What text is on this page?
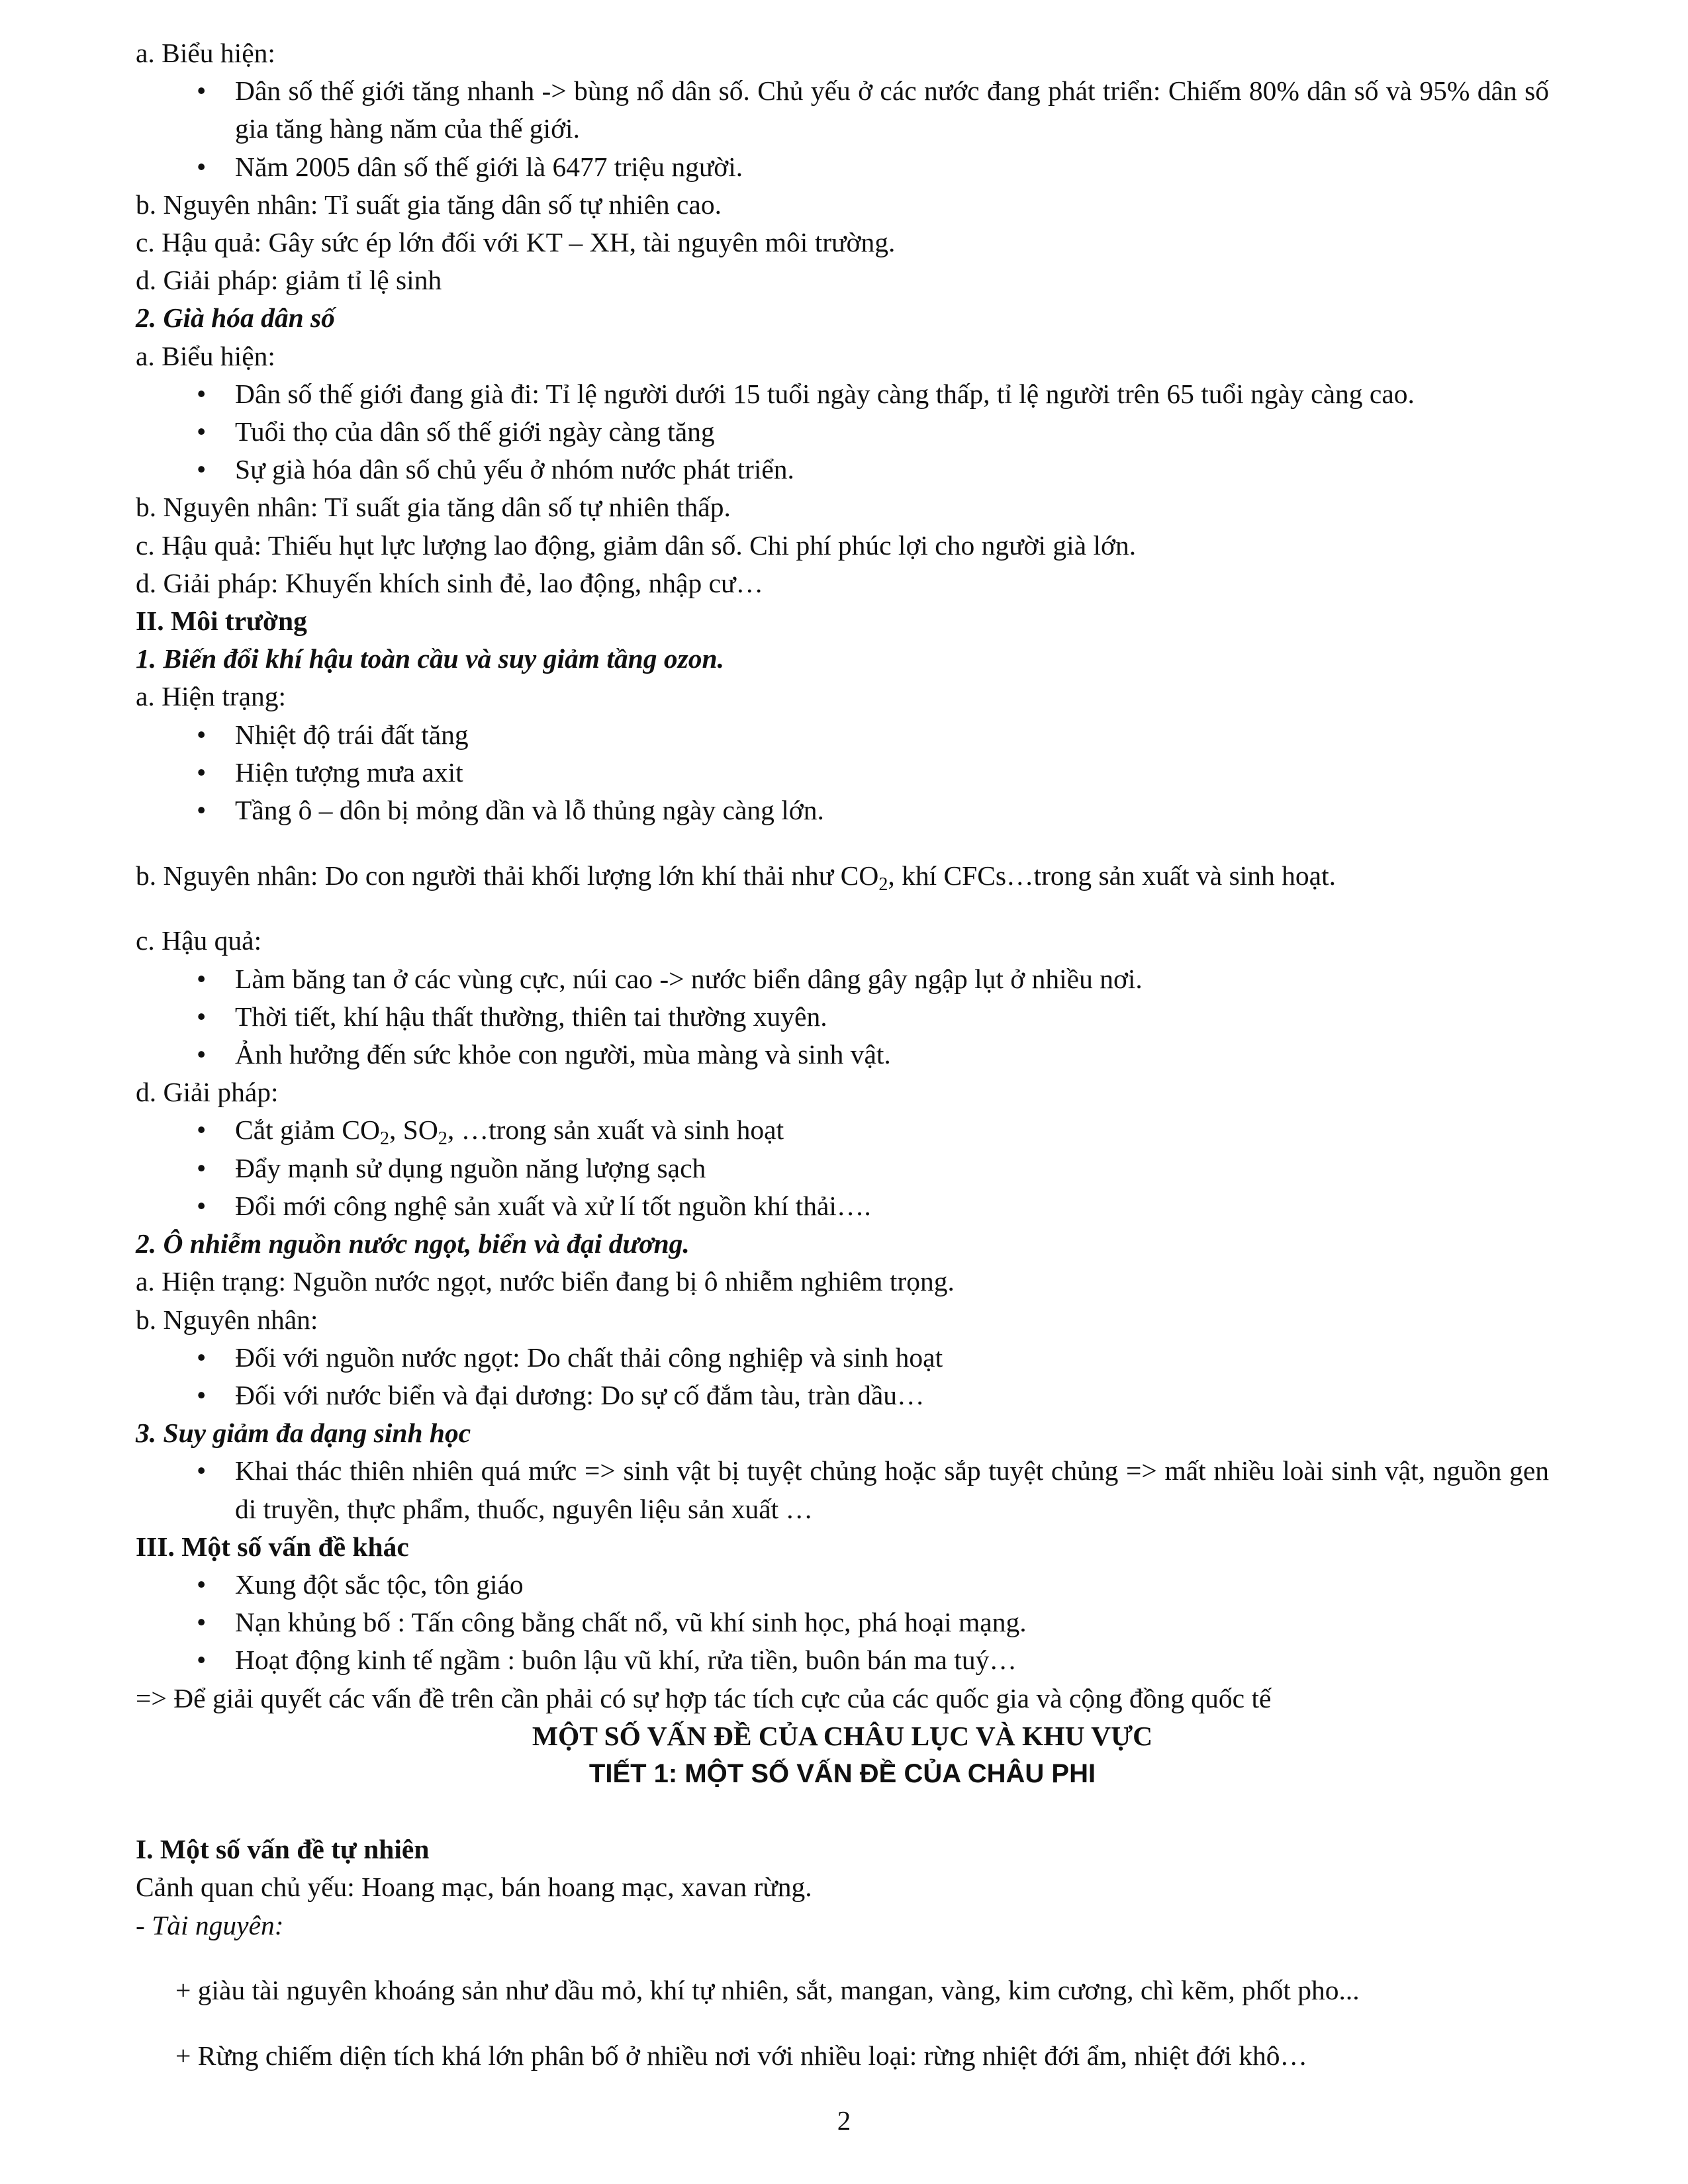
a. Biểu hiện:

• Dân số thế giới tăng nhanh -> bùng nổ dân số. Chủ yếu ở các nước đang phát triển: Chiếm 80% dân số và 95% dân số gia tăng hàng năm của thế giới.
• Năm 2005 dân số thế giới là 6477 triệu người.

b. Nguyên nhân: Tỉ suất gia tăng dân số tự nhiên cao.

c. Hậu quả: Gây sức ép lớn đối với KT – XH, tài nguyên môi trường.

d. Giải pháp: giảm tỉ lệ sinh

2. Già hóa dân số

a. Biểu hiện:

• Dân số thế giới đang già đi: Tỉ lệ người dưới 15 tuổi ngày càng thấp, tỉ lệ người trên 65 tuổi ngày càng cao.
• Tuổi thọ của dân số thế giới ngày càng tăng
• Sự già hóa dân số chủ yếu ở nhóm nước phát triển.

b. Nguyên nhân: Tỉ suất gia tăng dân số tự nhiên thấp.

c. Hậu quả: Thiếu hụt lực lượng lao động, giảm dân số. Chi phí phúc lợi cho người già lớn.

d. Giải pháp: Khuyến khích sinh đẻ, lao động, nhập cư…

II. Môi trường

1. Biến đổi khí hậu toàn cầu và suy giảm tầng ozon.

a. Hiện trạng:

• Nhiệt độ trái đất tăng
• Hiện tượng mưa axit
• Tầng ô – dôn bị mỏng dần và lỗ thủng ngày càng lớn.

b. Nguyên nhân: Do con người thải khối lượng lớn khí thải như $CO_2$, khí CFCs…trong sản xuất và sinh hoạt.

c. Hậu quả:

• Làm băng tan ở các vùng cực, núi cao -> nước biển dâng gây ngập lụt ở nhiều nơi.
• Thời tiết, khí hậu thất thường, thiên tai thường xuyên.
• Ảnh hưởng đến sức khỏe con người, mùa màng và sinh vật.

d. Giải pháp:

• Cắt giảm $CO_2$, $SO_2$, …trong sản xuất và sinh hoạt
• Đẩy mạnh sử dụng nguồn năng lượng sạch
• Đổi mới công nghệ sản xuất và xử lí tốt nguồn khí thải….

2. Ô nhiễm nguồn nước ngọt, biển và đại dương.

a. Hiện trạng: Nguồn nước ngọt, nước biển đang bị ô nhiễm nghiêm trọng.

b. Nguyên nhân:

• Đối với nguồn nước ngọt: Do chất thải công nghiệp và sinh hoạt
• Đối với nước biển và đại dương: Do sự cố đắm tàu, tràn dầu…

3. Suy giảm đa dạng sinh học

• Khai thác thiên nhiên quá mức => sinh vật bị tuyệt chủng hoặc sắp tuyệt chủng => mất nhiều loài sinh vật, nguồn gen di truyền, thực phẩm, thuốc, nguyên liệu sản xuất …

III. Một số vấn đề khác

• Xung đột sắc tộc, tôn giáo
• Nạn khủng bố : Tấn công bằng chất nổ, vũ khí sinh học, phá hoại mạng.
• Hoạt động kinh tế ngầm : buôn lậu vũ khí, rửa tiền, buôn bán ma tuý…

=> Để giải quyết các vấn đề trên cần phải có sự hợp tác tích cực của các quốc gia và cộng đồng quốc tế

MỘT SỐ VẤN ĐỀ CỦA CHÂU LỤC VÀ KHU VỰC

TIẾT 1: MỘT SỐ VẤN ĐỀ CỦA CHÂU PHI

I. Một số vấn đề tự nhiên

Cảnh quan chủ yếu: Hoang mạc, bán hoang mạc, xavan rừng.

- Tài nguyên:

+ giàu tài nguyên khoáng sản như dầu mỏ, khí tự nhiên, sắt, mangan, vàng, kim cương, chì kẽm, phốt pho...

+ Rừng chiếm diện tích khá lớn phân bố ở nhiều nơi với nhiều loại: rừng nhiệt đới ẩm, nhiệt đới khô…

2
